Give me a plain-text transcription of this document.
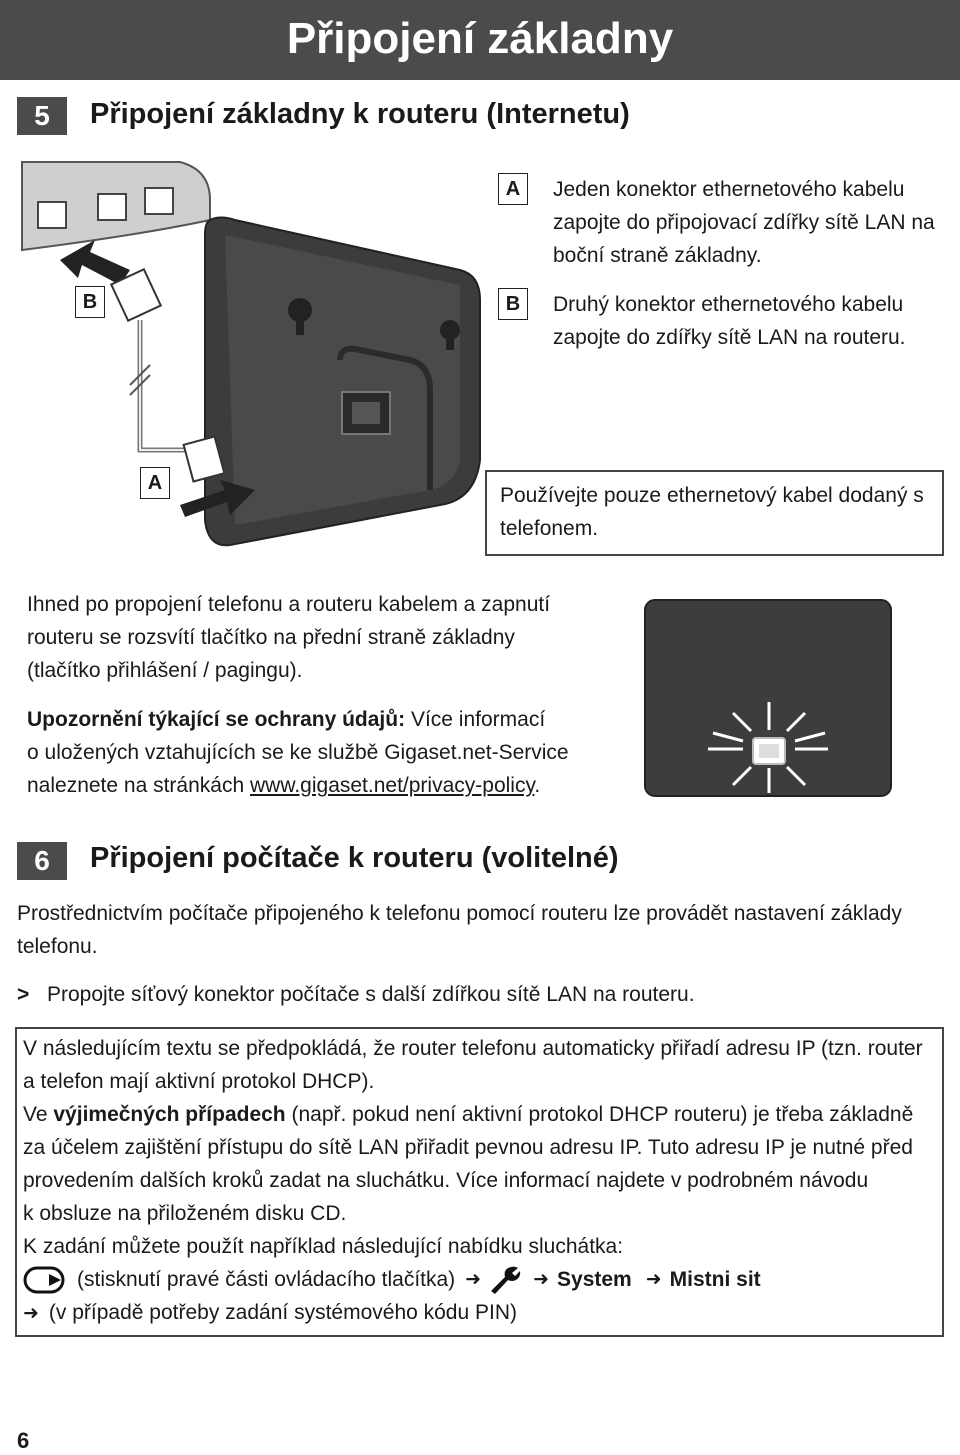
Připojení základny
5	Připojení základny k routeru (Internetu)
B
A
A	Jeden konektor ethernetového kabelu zapojte do připojovací zdířky sítě LAN na boční straně základny.
B	Druhý konektor ethernetového kabelu zapojte do zdířky sítě LAN na routeru.
Používejte pouze ethernetový kabel dodaný s telefonem.
Ihned po propojení telefonu a routeru kabelem a zapnutí routeru se rozsvítí tlačítko na přední straně základny (tlačítko přihlášení / pagingu).
Upozornění týkající se ochrany údajů: Více informací
o uložených vztahujících se ke službě Gigaset.net-Service
naleznete na stránkách www.gigaset.net/privacy-policy.
6	Připojení počítače k routeru (volitelné)
Prostřednictvím počítače připojeného k telefonu pomocí routeru lze provádět nastavení základy telefonu.
> Propojte síťový konektor počítače s další zdířkou sítě LAN na routeru.
V následujícím textu se předpokládá, že router telefonu automaticky přiřadí adresu IP (tzn. router
a telefon mají aktivní protokol DHCP).
Ve výjimečných případech (např. pokud není aktivní protokol DHCP routeru) je třeba základně
za účelem zajištění přístupu do sítě LAN přiřadit pevnou adresu IP. Tuto adresu IP je nutné před
provedením dalších kroků zadat na sluchátku. Více informací najdete v podrobném návodu
k obsluze na přiloženém disku CD.
K zadání můžete použít například následující nabídku sluchátka:
(stisknutí pravé části ovládacího tlačítka) ➜	➜ System ➜ Mistni sit
➜ (v případě potřeby zadání systémového kódu PIN)
6
